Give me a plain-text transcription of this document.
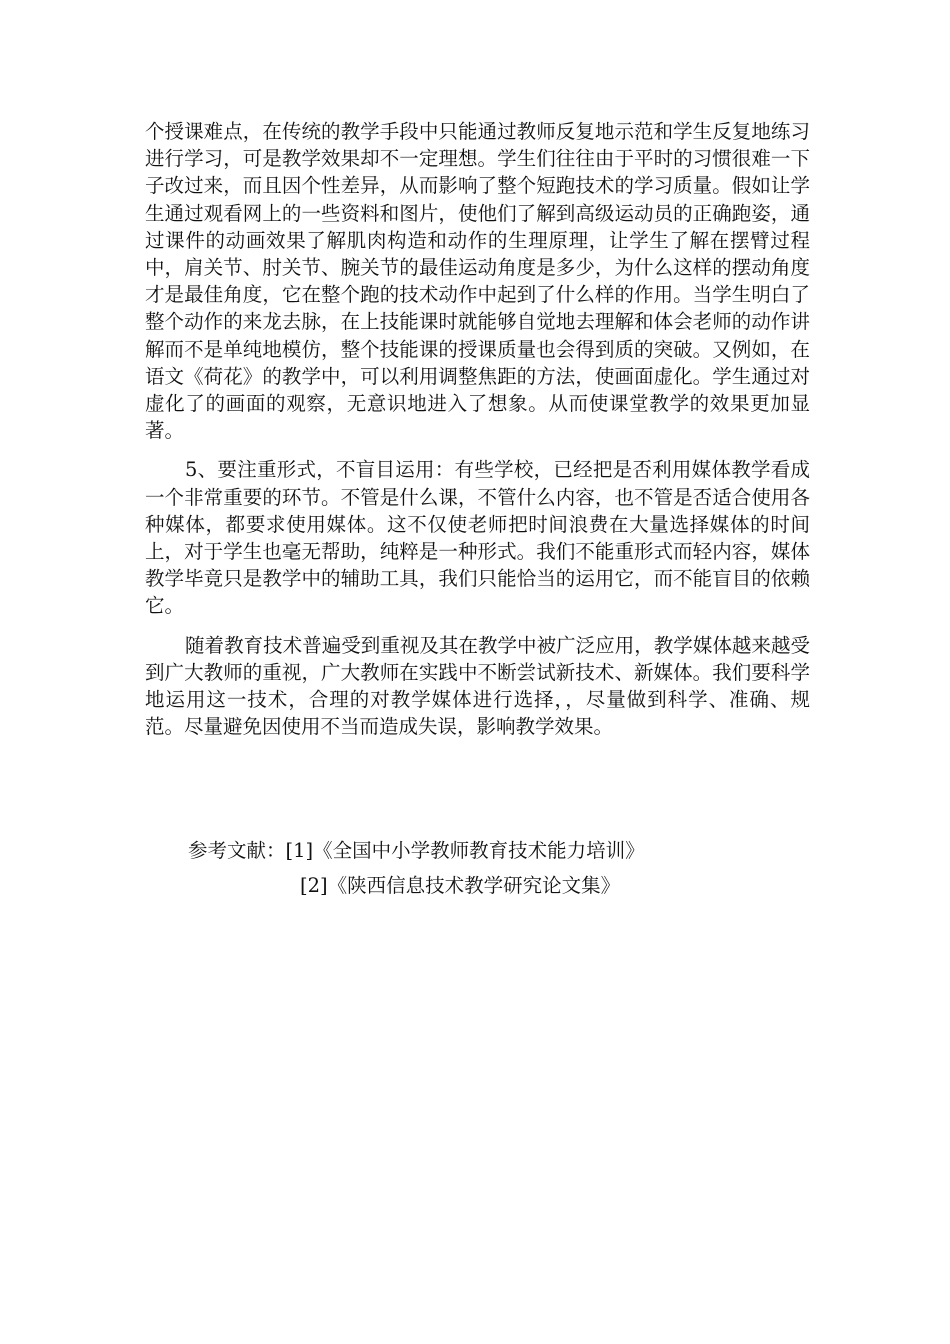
个授课难点，在传统的教学手段中只能通过教师反复地示范和学生反复地练习进行学习，可是教学效果却不一定理想。学生们往往由于平时的习惯很难一下子改过来，而且因个性差异，从而影响了整个短跑技术的学习质量。假如让学生通过观看网上的一些资料和图片，使他们了解到高级运动员的正确跑姿，通过课件的动画效果了解肌肉构造和动作的生理原理，让学生了解在摆臂过程中，肩关节、肘关节、腕关节的最佳运动角度是多少，为什么这样的摆动角度才是最佳角度，它在整个跑的技术动作中起到了什么样的作用。当学生明白了整个动作的来龙去脉，在上技能课时就能够自觉地去理解和体会老师的动作讲解而不是单纯地模仿，整个技能课的授课质量也会得到质的突破。又例如，在语文《荷花》的教学中，可以利用调整焦距的方法，使画面虚化。学生通过对虚化了的画面的观察，无意识地进入了想象。从而使课堂教学的效果更加显著。

5、要注重形式，不盲目运用：有些学校，已经把是否利用媒体教学看成一个非常重要的环节。不管是什么课，不管什么内容，也不管是否适合使用各种媒体，都要求使用媒体。这不仅使老师把时间浪费在大量选择媒体的时间上，对于学生也毫无帮助，纯粹是一种形式。我们不能重形式而轻内容，媒体教学毕竟只是教学中的辅助工具，我们只能恰当的运用它，而不能盲目的依赖它。

随着教育技术普遍受到重视及其在教学中被广泛应用，教学媒体越来越受到广大教师的重视，广大教师在实践中不断尝试新技术、新媒体。我们要科学地运用这一技术，合理的对教学媒体进行选择，，尽量做到科学、准确、规范。尽量避免因使用不当而造成失误，影响教学效果。

参考文献：[1]《全国中小学教师教育技术能力培训》
[2]《陕西信息技术教学研究论文集》
